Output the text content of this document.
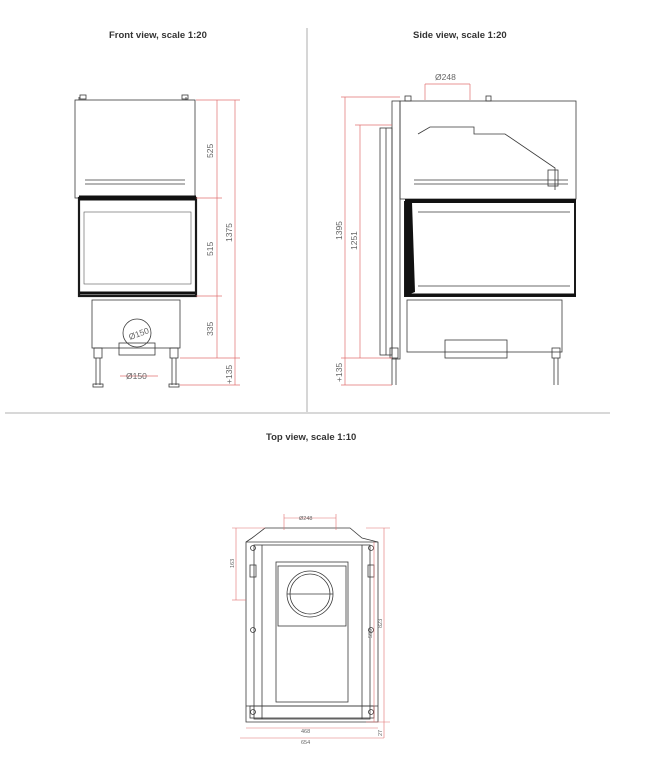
Front view, scale 1:20	Side view, scale 1:20
Top view, scale 1:10
525
515
335
1375
+135
Ø150
Ø150
Ø248
1395
1251
+135
Ø248
163
468
654
590
823
27
